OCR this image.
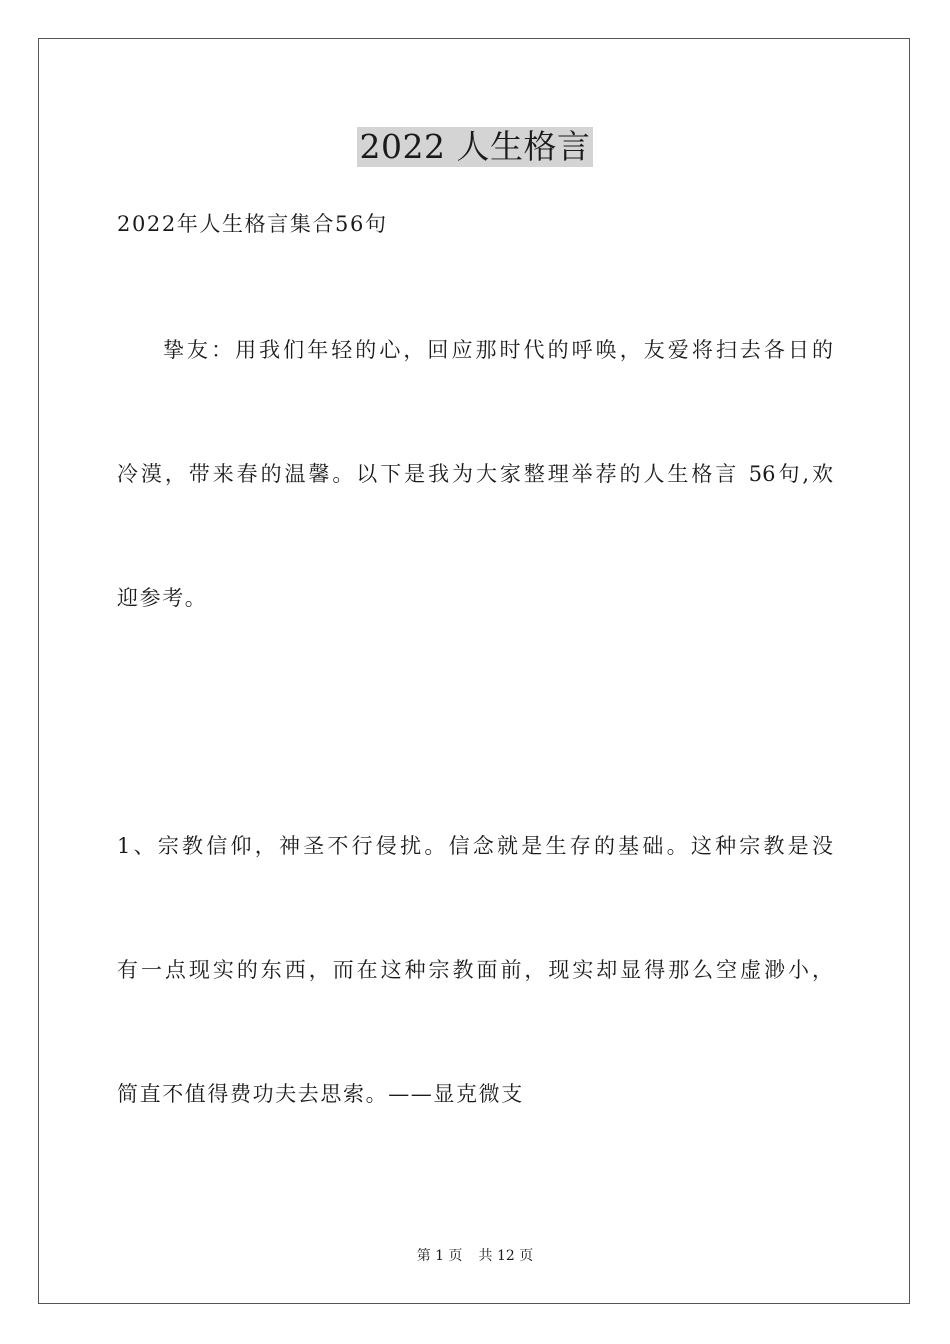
2022 人生格言
2022年人生格言集合56句
挚友：用我们年轻的心，回应那时代的呼唤，友爱将扫去各日的
冷漠，带来春的温馨。以下是我为大家整理举荐的人生格言 56句,欢
迎参考。
1、宗教信仰，神圣不行侵扰。信念就是生存的基础。这种宗教是没
有一点现实的东西，而在这种宗教面前，现实却显得那么空虚渺小，
简直不值得费功夫去思索。——显克微支
第 1 页 共 12 页
